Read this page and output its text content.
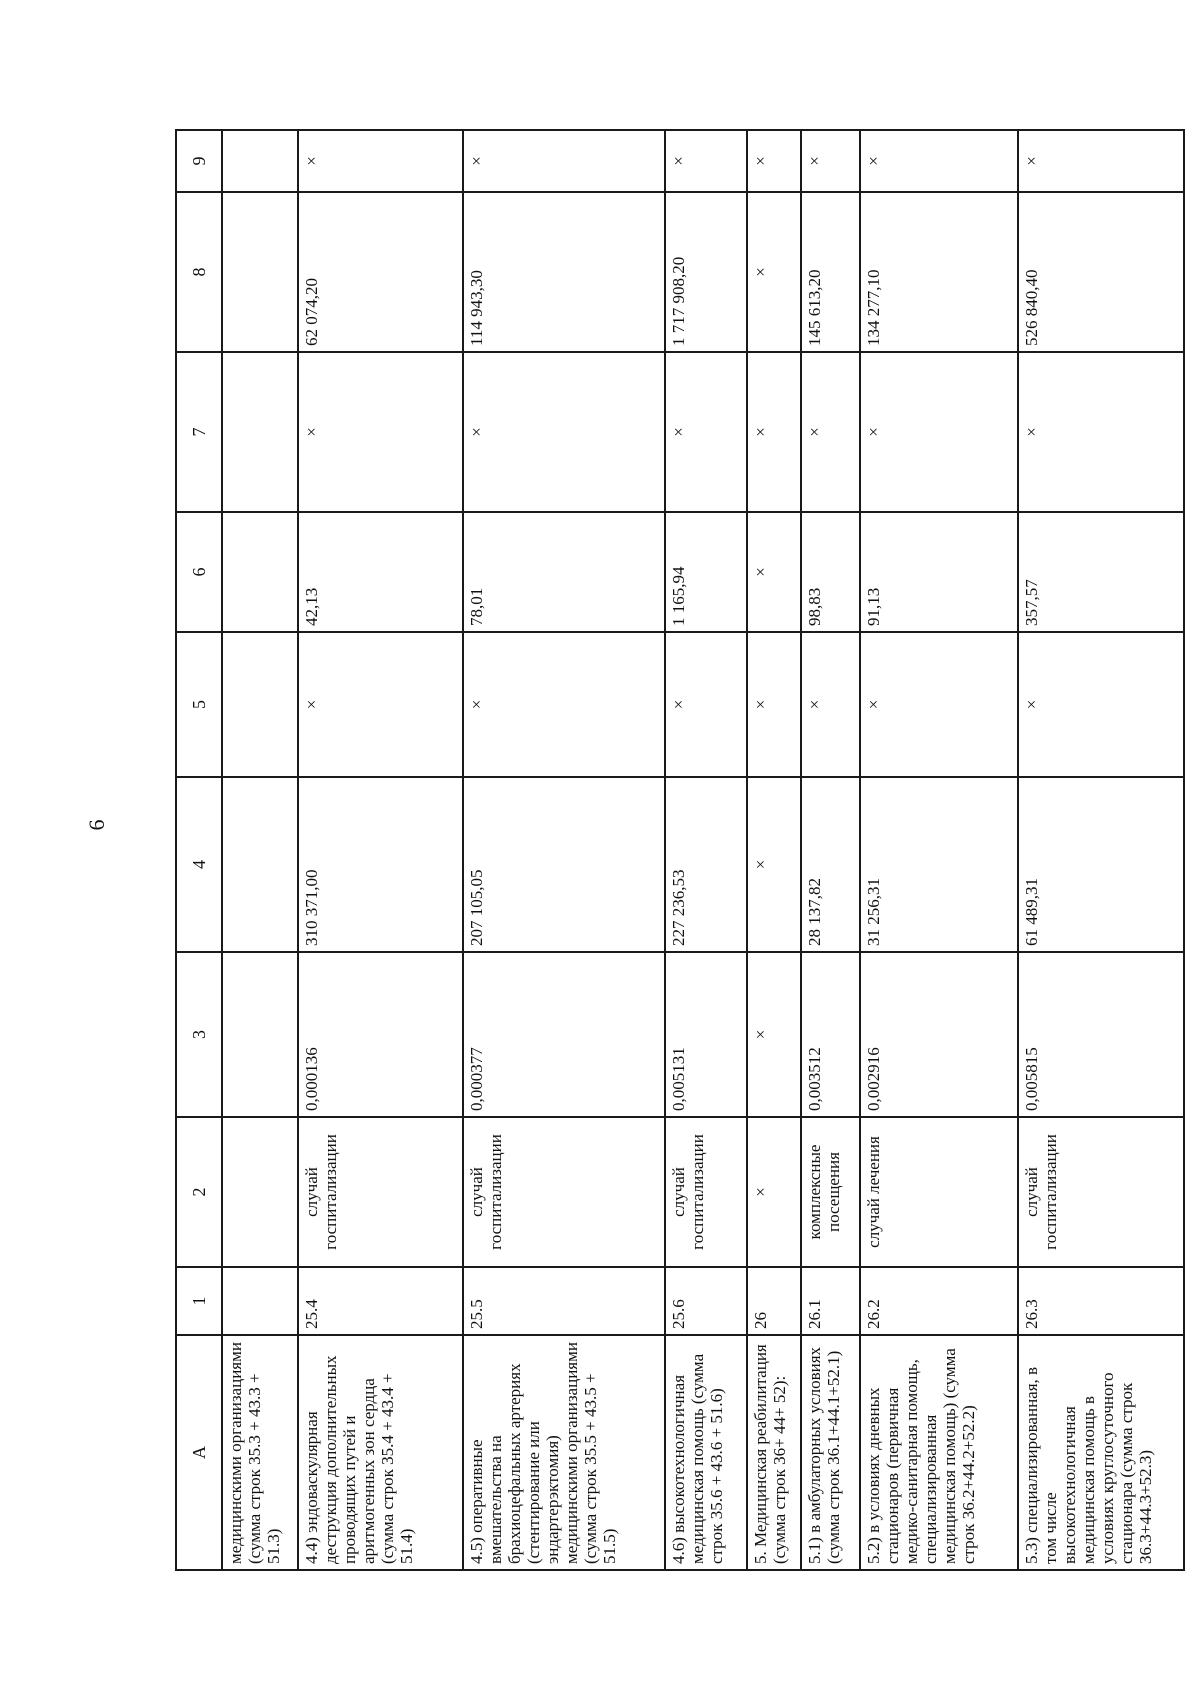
6
А	1	2	3	4	5	6	7	8	9
медицинскими организациями (сумма строк 35.3 + 43.3 + 51.3)									
4.4) эндоваскулярная деструкция дополнительных проводящих путей и аритмогенных зон сердца (сумма строк 35.4 + 43.4 + 51.4)	25.4	случай госпитализации	0,000136	310 371,00	×	42,13	×	62 074,20	×
4.5) оперативные вмешательства на брахиоцефальных артериях (стентирование или эндартерэктомия) медицинскими организациями (сумма строк 35.5 + 43.5 + 51.5)	25.5	случай госпитализации	0,000377	207 105,05	×	78,01	×	114 943,30	×
4.6) высокотехнологичная медицинская помощь (сумма строк 35.6 + 43.6 + 51.6)	25.6	случай госпитализации	0,005131	227 236,53	×	1 165,94	×	1 717 908,20	×
5. Медицинская реабилитация (сумма строк 36+ 44+ 52):	26	×	×	×	×	×	×	×	×
5.1) в амбулаторных условиях (сумма строк 36.1+44.1+52.1)	26.1	комплексные посещения	0,003512	28 137,82	×	98,83	×	145 613,20	×
5.2) в условиях дневных стационаров (первичная медико-санитарная помощь, специализированная медицинская помощь) (сумма строк 36.2+44.2+52.2)	26.2	случай лечения	0,002916	31 256,31	×	91,13	×	134 277,10	×
5.3) специализированная, в том числе высокотехнологичная медицинская помощь в условиях круглосуточного стационара (сумма строк 36.3+44.3+52.3)	26.3	случай госпитализации	0,005815	61 489,31	×	357,57	×	526 840,40	×
